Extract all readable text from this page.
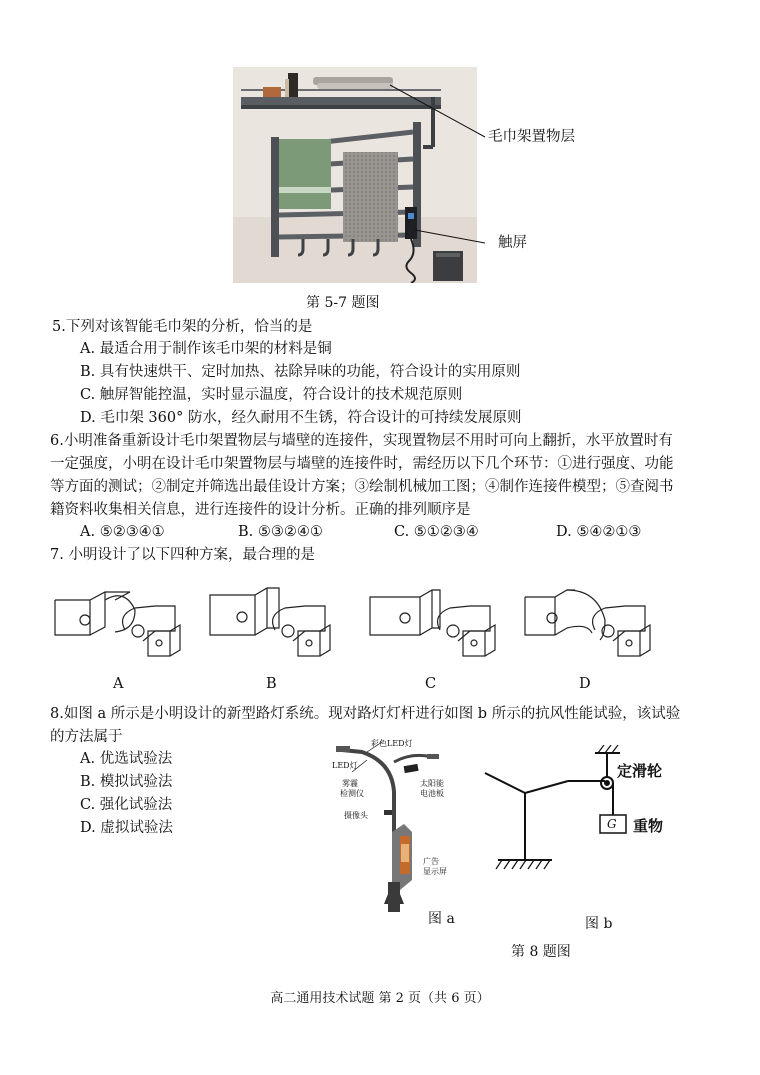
毛巾架置物层
触屏
第 5-7 题图
5.下列对该智能毛巾架的分析，恰当的是
A. 最适合用于制作该毛巾架的材料是铜
B. 具有快速烘干、定时加热、祛除异味的功能，符合设计的实用原则
C. 触屏智能控温，实时显示温度，符合设计的技术规范原则
D. 毛巾架 360° 防水，经久耐用不生锈，符合设计的可持续发展原则
6.小明准备重新设计毛巾架置物层与墙壁的连接件，实现置物层不用时可向上翻折，水平放置时有
一定强度，小明在设计毛巾架置物层与墙壁的连接件时，需经历以下几个环节：①进行强度、功能
等方面的测试；②制定并筛选出最佳设计方案；③绘制机械加工图；④制作连接件模型；⑤查阅书
籍资料收集相关信息，进行连接件的设计分析。正确的排列顺序是
A. ⑤②③④①	B. ⑤③②④①	C. ⑤①②③④	D. ⑤④②①③
7. 小明设计了以下四种方案，最合理的是
A	B	C	D
8.如图 a 所示是小明设计的新型路灯系统。现对路灯灯杆进行如图 b 所示的抗风性能试验，该试验
的方法属于
A. 优选试验法
B. 模拟试验法
C. 强化试验法
D. 虚拟试验法
彩色LED灯
LED灯
雾霾
检测仪
太阳能
电池板
摄像头
广告
显示屏
图 a
定滑轮
重物
G
图 b
第 8 题图
高二通用技术试题 第 2 页（共 6 页）
